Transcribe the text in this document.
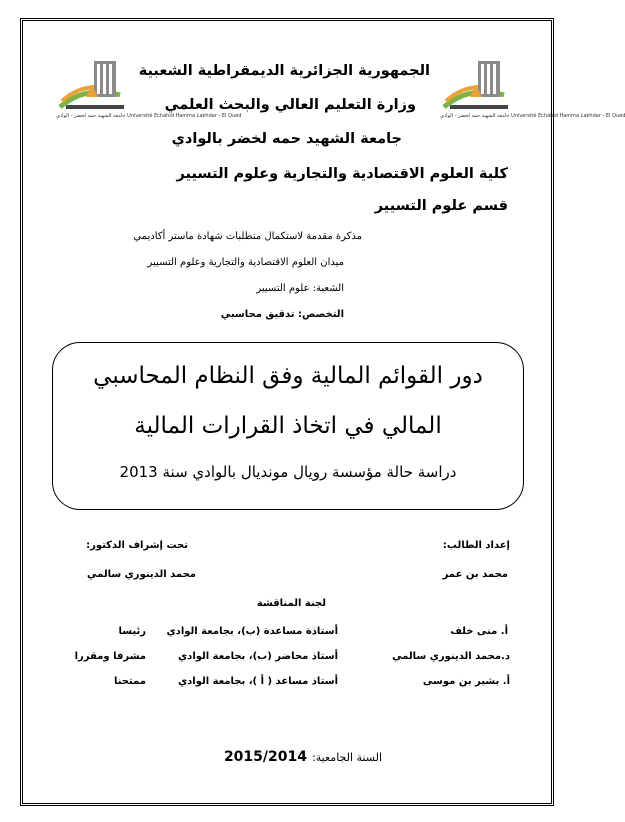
جامعة الشهيد حمه لخضر - الوادي Université Echahid Hamma Lakhdar - El Oued	جامعة الشهيد حمه لخضر - الوادي Université Echahid Hamma Lakhdar - El Oued
الجمهورية الجزائرية الديمقراطية الشعبية
وزارة التعليم العالي والبحث العلمي
جامعة الشهيد حمه لخضر بالوادي
كلية العلوم الاقتصادية والتجارية وعلوم التسيير
قسم علوم التسيير
مذكرة مقدمة لاستكمال متطلبات شهادة ماستر أكاديمي
ميدان العلوم الاقتصادية والتجارية وعلوم التسيير
الشعبة: علوم التسيير
التخصص: تدقيق محاسبي
دور القوائم المالية وفق النظام المحاسبي
المالي في اتخاذ القرارات المالية
دراسة حالة مؤسسة رويال مونديال بالوادي سنة 2013
إعداد الطالب:
تحت إشراف الدكتور:
محمد بن عمر
محمد الدينوري سالمي
لجنة المناقشة
أ. منى خلف
أستاذة مساعدة (ب)، بجامعة الوادي
رئيسا
د.محمد الدينوري سالمي
أستاذ محاضر (ب)، بجامعة الوادي
مشرفا ومقررا
أ. بشير بن موسى
أستاذ مساعد ( أ )، بجامعة الوادي
ممتحنا
السنة الجامعية: 2015/2014
